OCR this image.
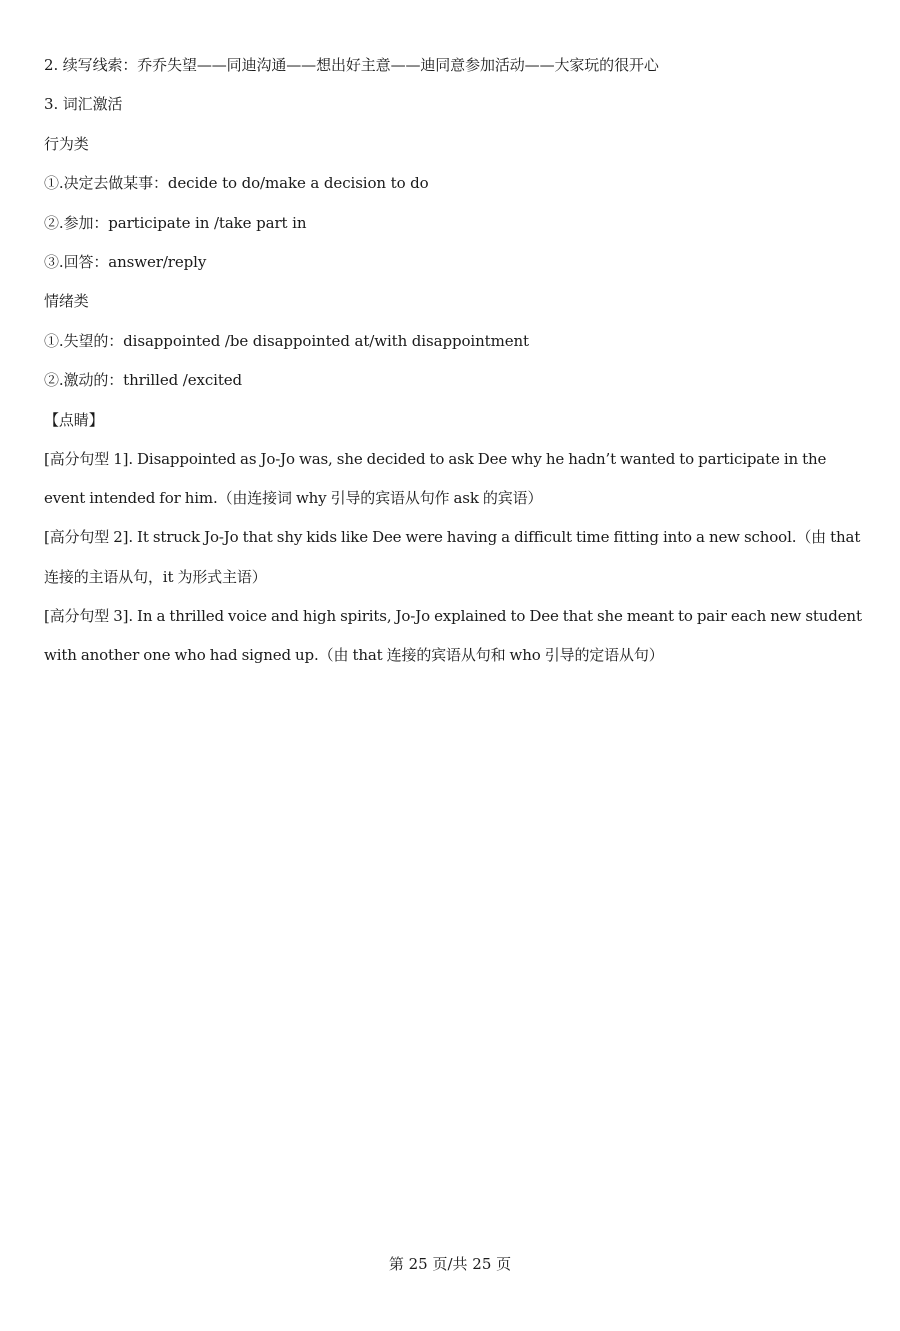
2. 续写线索：乔乔失望——同迪沟通——想出好主意——迪同意参加活动——大家玩的很开心
3. 词汇激活
行为类
①.决定去做某事：decide to do/make a decision to do
②.参加：participate in /take part in
③.回答：answer/reply
情绪类
①.失望的：disappointed /be disappointed at/with disappointment
②.激动的：thrilled /excited
【点睛】
[高分句型 1]. Disappointed as Jo-Jo was, she decided to ask Dee why he hadn’t wanted to participate in the event intended for him.（由连接词 why 引导的宾语从句作 ask 的宾语）
[高分句型 2]. It struck Jo-Jo that shy kids like Dee were having a difficult time fitting into a new school.（由 that 连接的主语从句，it 为形式主语）
[高分句型 3]. In a thrilled voice and high spirits, Jo-Jo explained to Dee that she meant to pair each new student with another one who had signed up.（由 that 连接的宾语从句和 who 引导的定语从句）
第 25 页/共 25 页
